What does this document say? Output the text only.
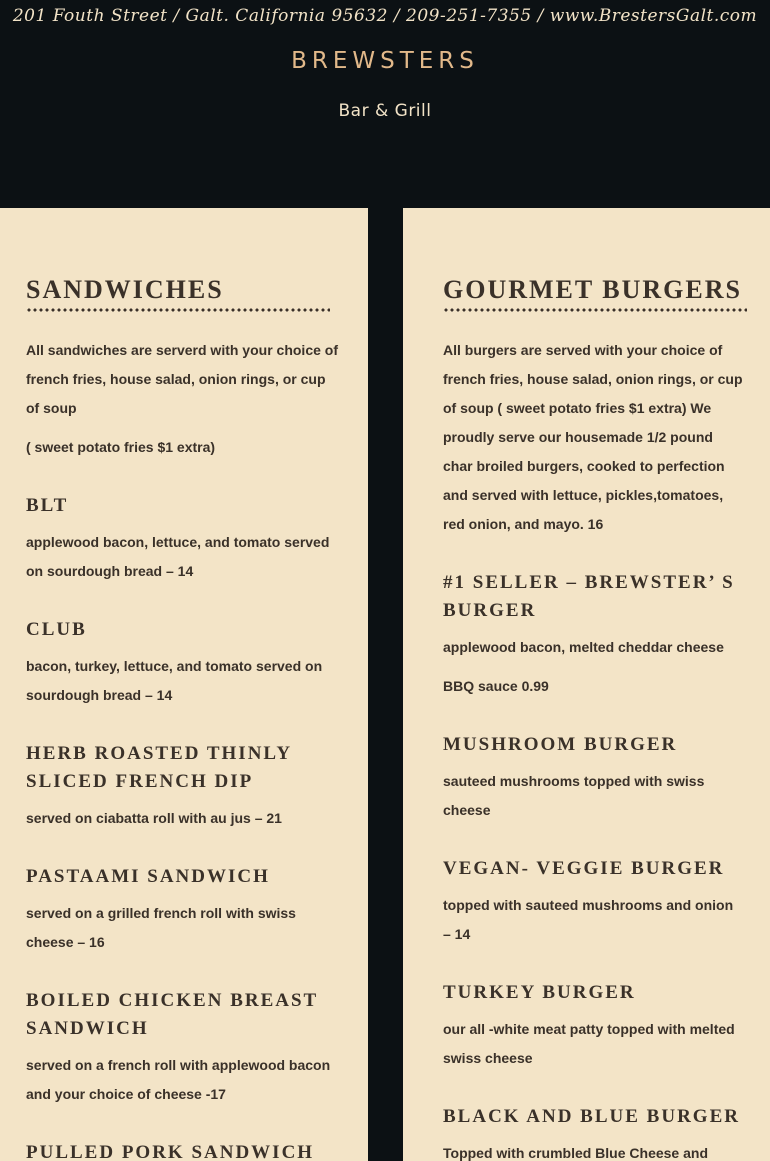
201 Fouth Street / Galt. California 95632 / 209-251-7355 / www.BrestersGalt.com
BREWSTERS
Bar & Grill
SANDWICHES

All sandwiches are serverd with your choice of french fries, house salad, onion rings, or cup of soup

( sweet potato fries $1 extra)

BLT

applewood bacon, lettuce, and tomato served on sourdough bread – 14

CLUB

bacon, turkey, lettuce, and tomato served on sourdough bread – 14

HERB ROASTED THINLY SLICED FRENCH DIP

served on ciabatta roll with au jus – 21

PASTAAMI SANDWICH

served on a grilled french roll with swiss cheese – 16

BOILED CHICKEN BREAST SANDWICH

served on a french roll with applewood bacon and your choice of cheese -17

PULLED PORK SANDWICH
GOURMET BURGERS

All burgers are served with your choice of french fries, house salad, onion rings, or cup of soup ( sweet potato fries $1 extra) We proudly serve our housemade 1/2 pound char broiled burgers, cooked to perfection and served with lettuce, pickles,tomatoes, red onion, and mayo. 16

#1 SELLER – BREWSTER’ S BURGER

applewood bacon, melted cheddar cheese

BBQ sauce 0.99

MUSHROOM BURGER

sauteed mushrooms topped with swiss cheese

VEGAN- VEGGIE BURGER

topped with sauteed mushrooms and onion – 14

TURKEY BURGER

our all -white meat patty topped with melted swiss cheese

BLACK AND BLUE BURGER

Topped with crumbled Blue Cheese and
